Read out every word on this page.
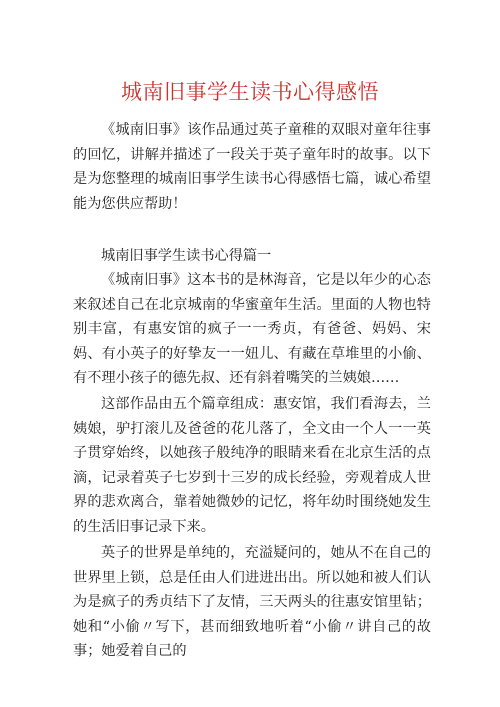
城南旧事学生读书心得感悟

《城南旧事》该作品通过英子童稚的双眼对童年往事的回忆，讲解并描述了一段关于英子童年时的故事。以下是为您整理的城南旧事学生读书心得感悟七篇，诚心希望能为您供应帮助！

城南旧事学生读书心得篇一

《城南旧事》这本书的是林海音，它是以年少的心态来叙述自己在北京城南的华蜜童年生活。里面的人物也特别丰富，有惠安馆的疯子一一秀贞，有爸爸、妈妈、宋妈、有小英子的好挚友一一妞儿、有藏在草堆里的小偷、有不理小孩子的德先叔、还有斜着嘴笑的兰姨娘……

这部作品由五个篇章组成：惠安馆，我们看海去，兰姨娘，驴打滚儿及爸爸的花儿落了，全文由一个人一一英子贯穿始终，以她孩子般纯净的眼睛来看在北京生活的点滴，记录着英子七岁到十三岁的成长经验，旁观着成人世界的悲欢离合，靠着她微妙的记忆，将年幼时围绕她发生的生活旧事记录下来。

英子的世界是单纯的，充溢疑问的，她从不在自己的世界里上锁，总是任由人们进进出出。所以她和被人们认为是疯子的秀贞结下了友情，三天两头的往惠安馆里钻；她和“小偷〃写下，甚而细致地听着“小偷〃讲自己的故事；她爱着自己的
